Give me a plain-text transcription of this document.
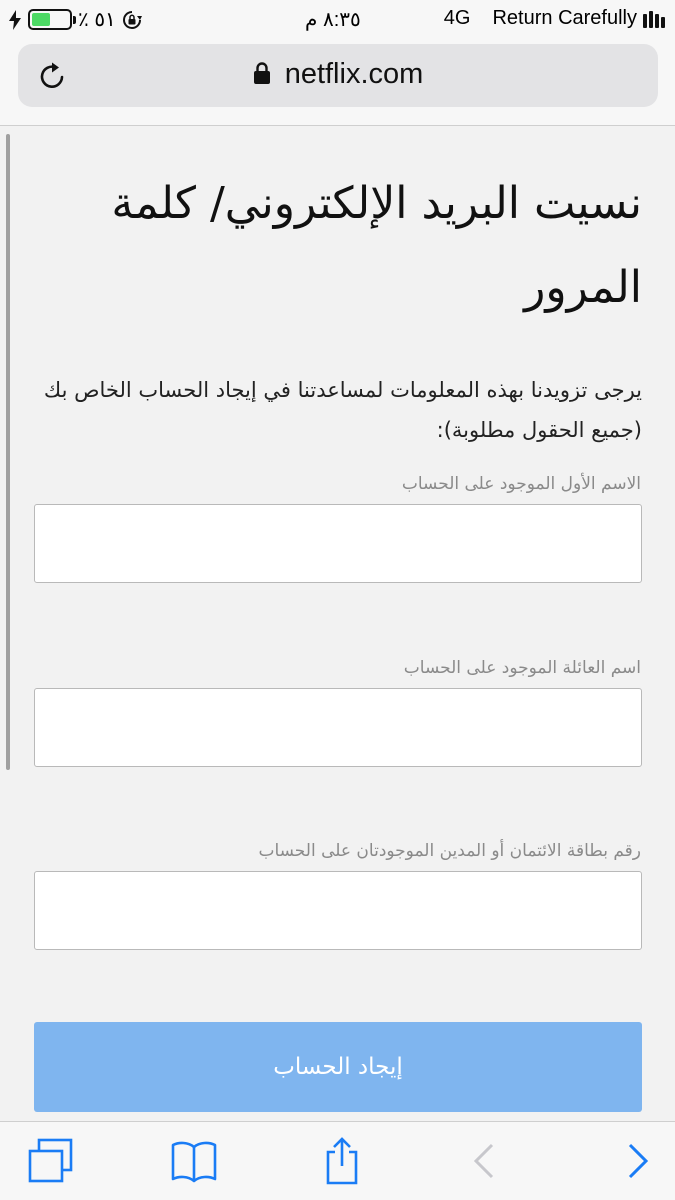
٪ ٥١	٨:٣٥ م	4G Return Carefully
netflix.com
نسيت البريد الإلكتروني/ كلمة المرور

يرجى تزويدنا بهذه المعلومات لمساعدتنا في إيجاد الحساب الخاص بك (جميع الحقول مطلوبة):

الاسم الأول الموجود على الحساب
اسم العائلة الموجود على الحساب
رقم بطاقة الائتمان أو المدين الموجودتان على الحساب
إيجاد الحساب
